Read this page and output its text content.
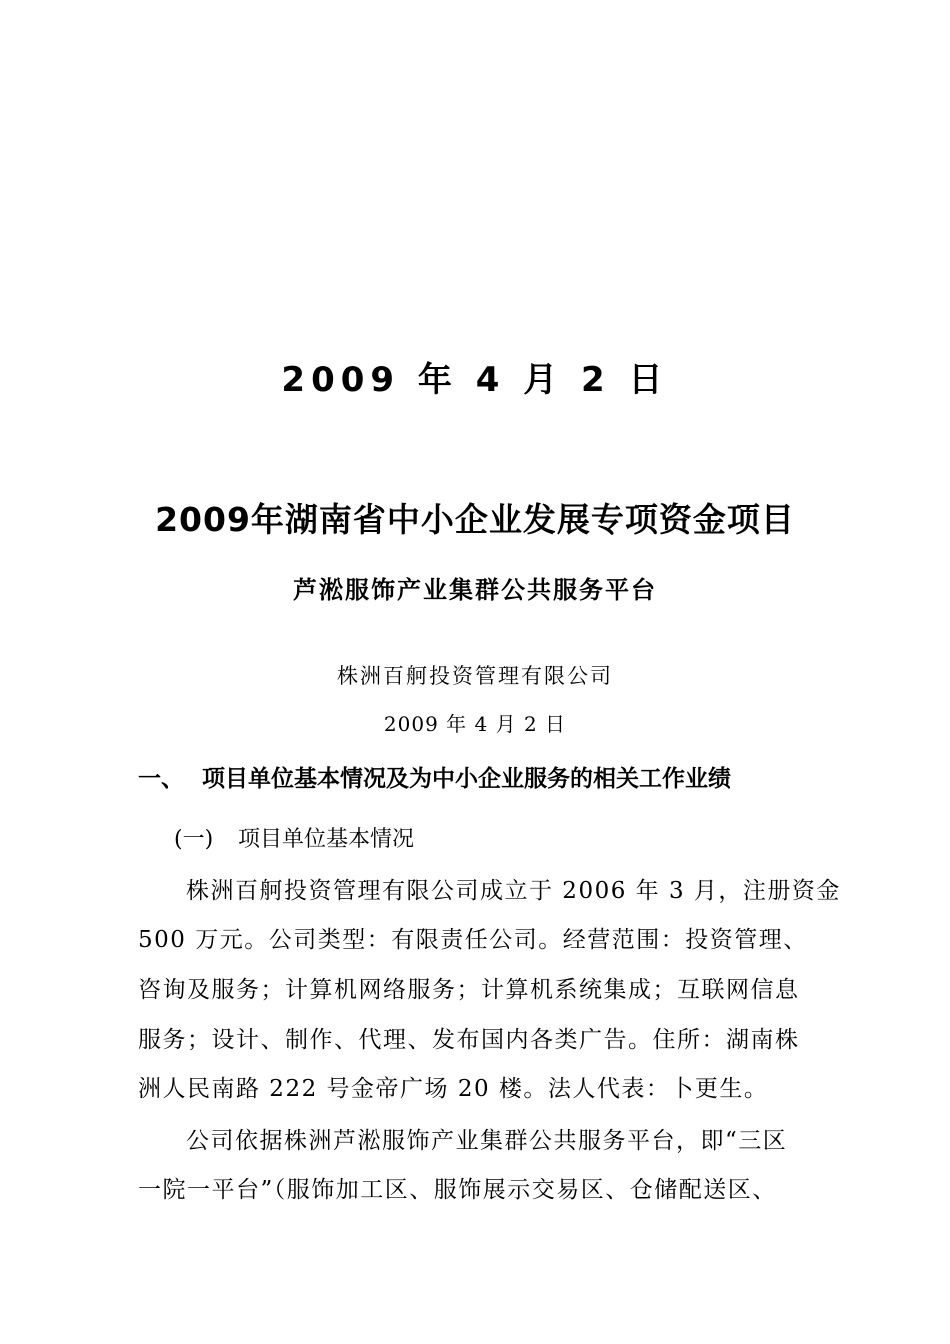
2009 年 4 月 2 日
2009年湖南省中小企业发展专项资金项目
芦淞服饰产业集群公共服务平台
株洲百舸投资管理有限公司
2009 年 4 月 2 日
一、 项目单位基本情况及为中小企业服务的相关工作业绩
(一) 项目单位基本情况
株洲百舸投资管理有限公司成立于 2006 年 3 月，注册资金
500 万元。公司类型：有限责任公司。经营范围：投资管理、
咨询及服务；计算机网络服务；计算机系统集成；互联网信息
服务；设计、制作、代理、发布国内各类广告。住所：湖南株
洲人民南路 222 号金帝广场 20 楼。法人代表：卜更生。
公司依据株洲芦淞服饰产业集群公共服务平台，即“三区
一院一平台”（服饰加工区、服饰展示交易区、仓储配送区、
